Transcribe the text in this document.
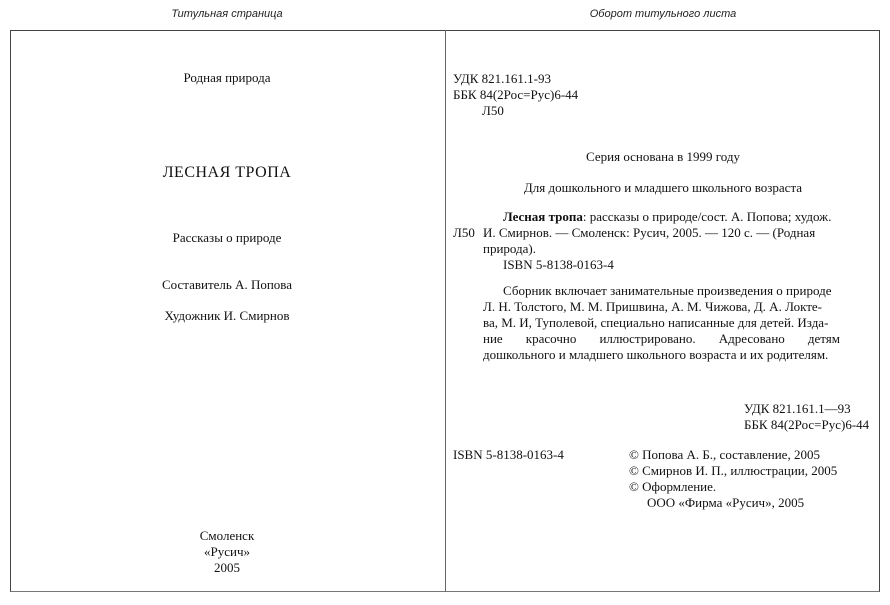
Титульная страница	Оборот титульного листа
Родная природа
ЛЕСНАЯ ТРОПА
Рассказы о природе
Составитель А. Попова
Художник И. Смирнов
Смоленск
«Русич»
2005
УДК 821.161.1-93
ББК 84(2Рос=Рус)6-44
Л50
Серия основана в 1999 году
Для дошкольного и младшего школьного возраста
Л50
Лесная тропа: рассказы о природе/сост. А. Попова; худож.
И. Смирнов. — Смоленск: Русич, 2005. — 120 с. — (Родная
природа).
ISBN 5-8138-0163-4
Сборник включает занимательные произведения о природе
Л. Н. Толстого, М. М. Пришвина, А. М. Чижова, Д. А. Локте-
ва, М. И, Туполевой, специально написанные для детей. Изда-
ние красочно иллюстрировано. Адресовано детям
дошкольного и младшего школьного возраста и их родителям.
УДК 821.161.1—93
ББК 84(2Рос=Рус)6-44
ISBN 5-8138-0163-4	© Попова А. Б., составление, 2005
© Смирнов И. П., иллюстрации, 2005
© Оформление.
ООО «Фирма «Русич», 2005
